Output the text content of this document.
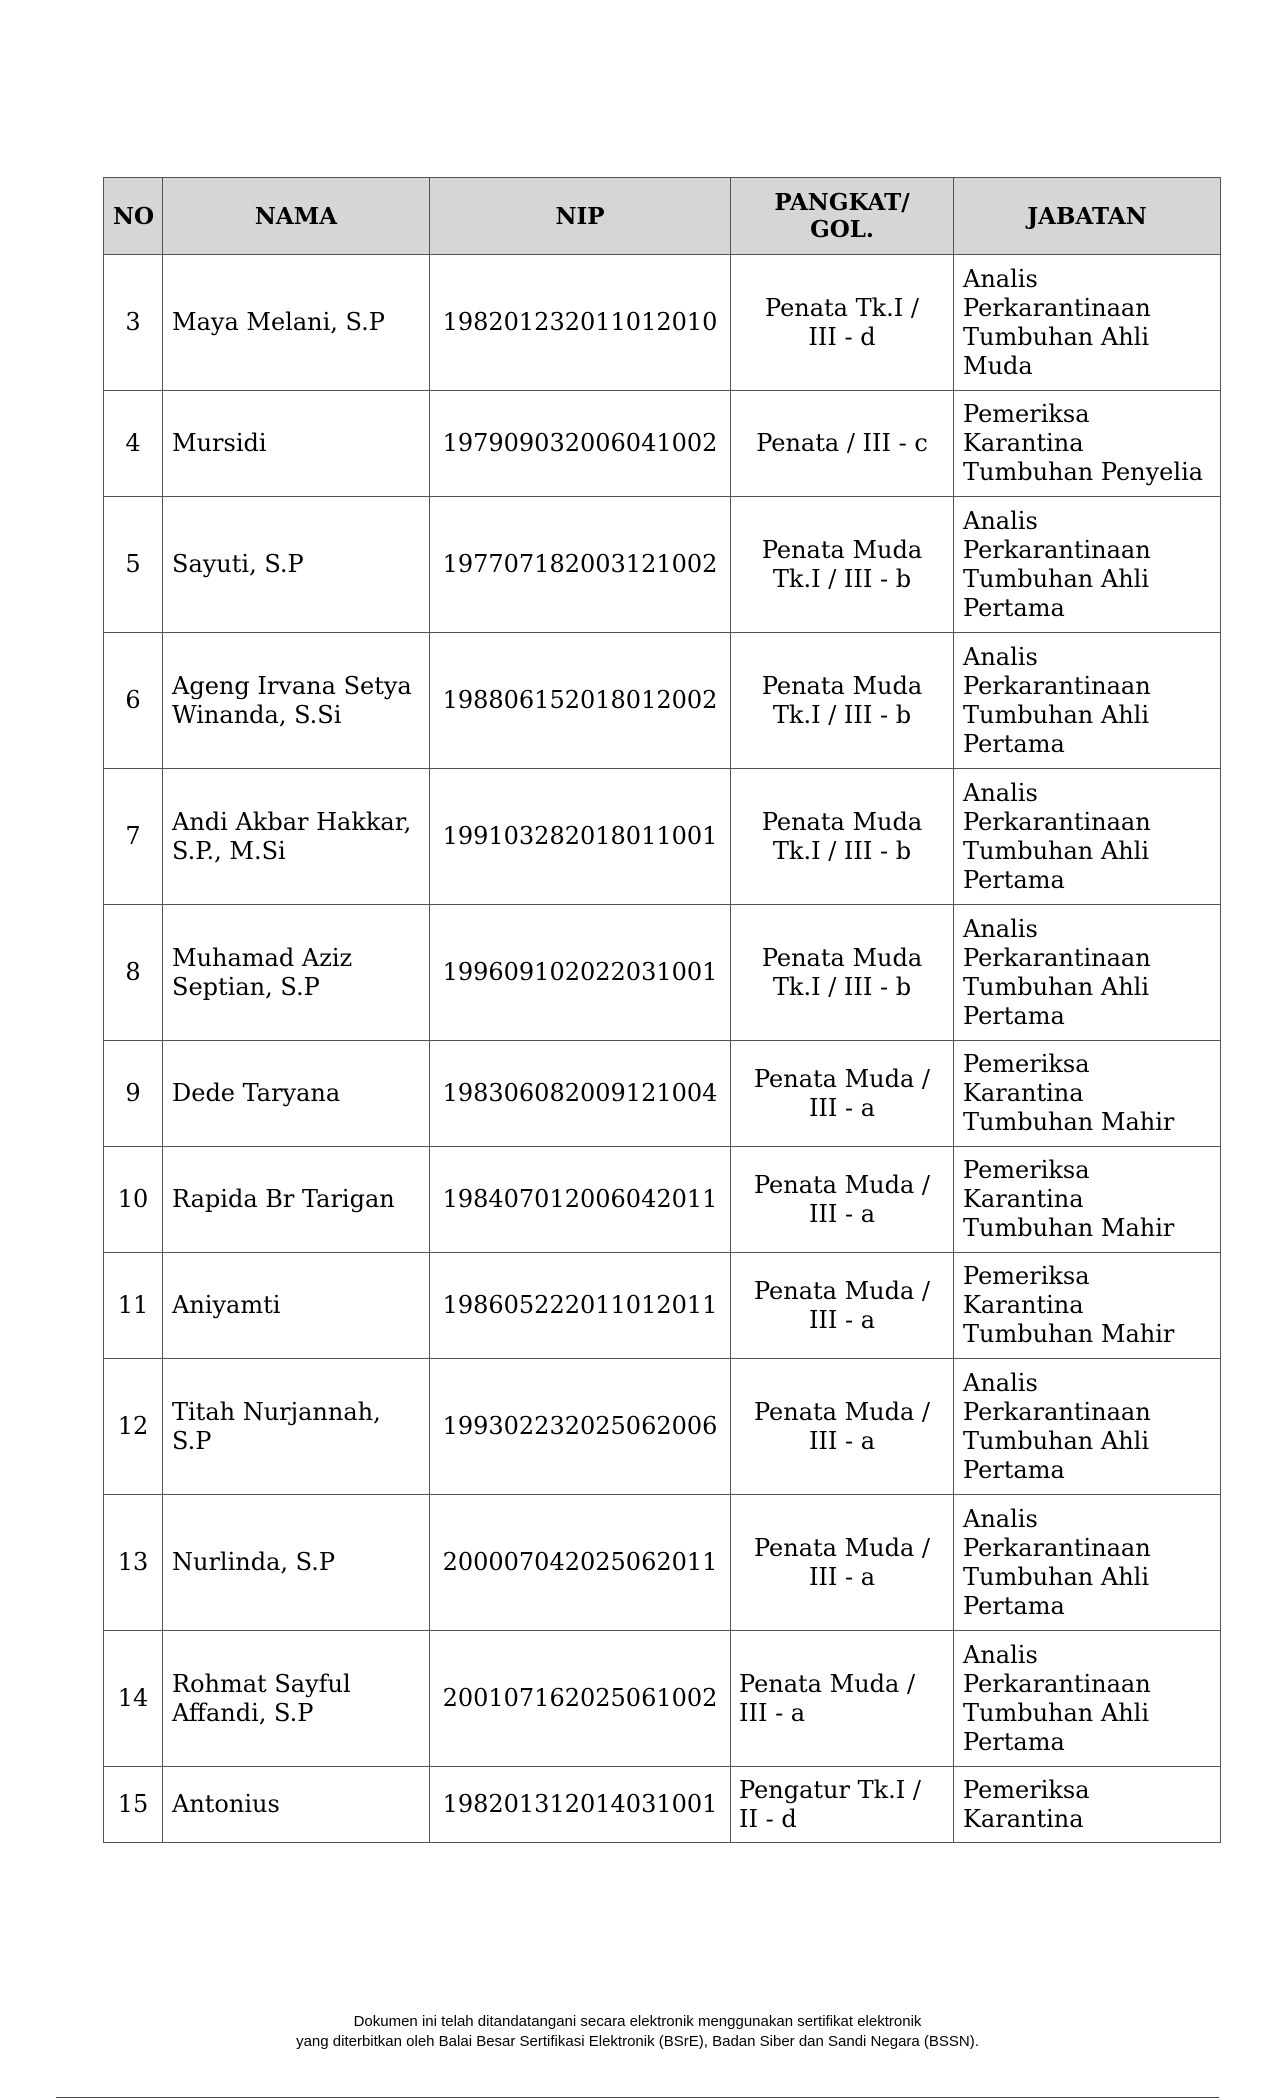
NO	NAMA	NIP	PANGKAT/
GOL.	JABATAN
3	Maya Melani, S.P	198201232011012010	Penata Tk.I /
III - d	Analis
Perkarantinaan
Tumbuhan Ahli
Muda
4	Mursidi	197909032006041002	Penata / III - c	Pemeriksa
Karantina
Tumbuhan Penyelia
5	Sayuti, S.P	197707182003121002	Penata Muda
Tk.I / III - b	Analis
Perkarantinaan
Tumbuhan Ahli
Pertama
6	Ageng Irvana Setya
Winanda, S.Si	198806152018012002	Penata Muda
Tk.I / III - b	Analis
Perkarantinaan
Tumbuhan Ahli
Pertama
7	Andi Akbar Hakkar,
S.P., M.Si	199103282018011001	Penata Muda
Tk.I / III - b	Analis
Perkarantinaan
Tumbuhan Ahli
Pertama
8	Muhamad Aziz
Septian, S.P	199609102022031001	Penata Muda
Tk.I / III - b	Analis
Perkarantinaan
Tumbuhan Ahli
Pertama
9	Dede Taryana	198306082009121004	Penata Muda /
III - a	Pemeriksa
Karantina
Tumbuhan Mahir
10	Rapida Br Tarigan	198407012006042011	Penata Muda /
III - a	Pemeriksa
Karantina
Tumbuhan Mahir
11	Aniyamti	198605222011012011	Penata Muda /
III - a	Pemeriksa
Karantina
Tumbuhan Mahir
12	Titah Nurjannah,
S.P	199302232025062006	Penata Muda /
III - a	Analis
Perkarantinaan
Tumbuhan Ahli
Pertama
13	Nurlinda, S.P	200007042025062011	Penata Muda /
III - a	Analis
Perkarantinaan
Tumbuhan Ahli
Pertama
14	Rohmat Sayful
Affandi, S.P	200107162025061002	Penata Muda /
III - a	Analis
Perkarantinaan
Tumbuhan Ahli
Pertama
15	Antonius	198201312014031001	Pengatur Tk.I /
II - d	Pemeriksa
Karantina
Dokumen ini telah ditandatangani secara elektronik menggunakan sertifikat elektronik
yang diterbitkan oleh Balai Besar Sertifikasi Elektronik (BSrE), Badan Siber dan Sandi Negara (BSSN).
